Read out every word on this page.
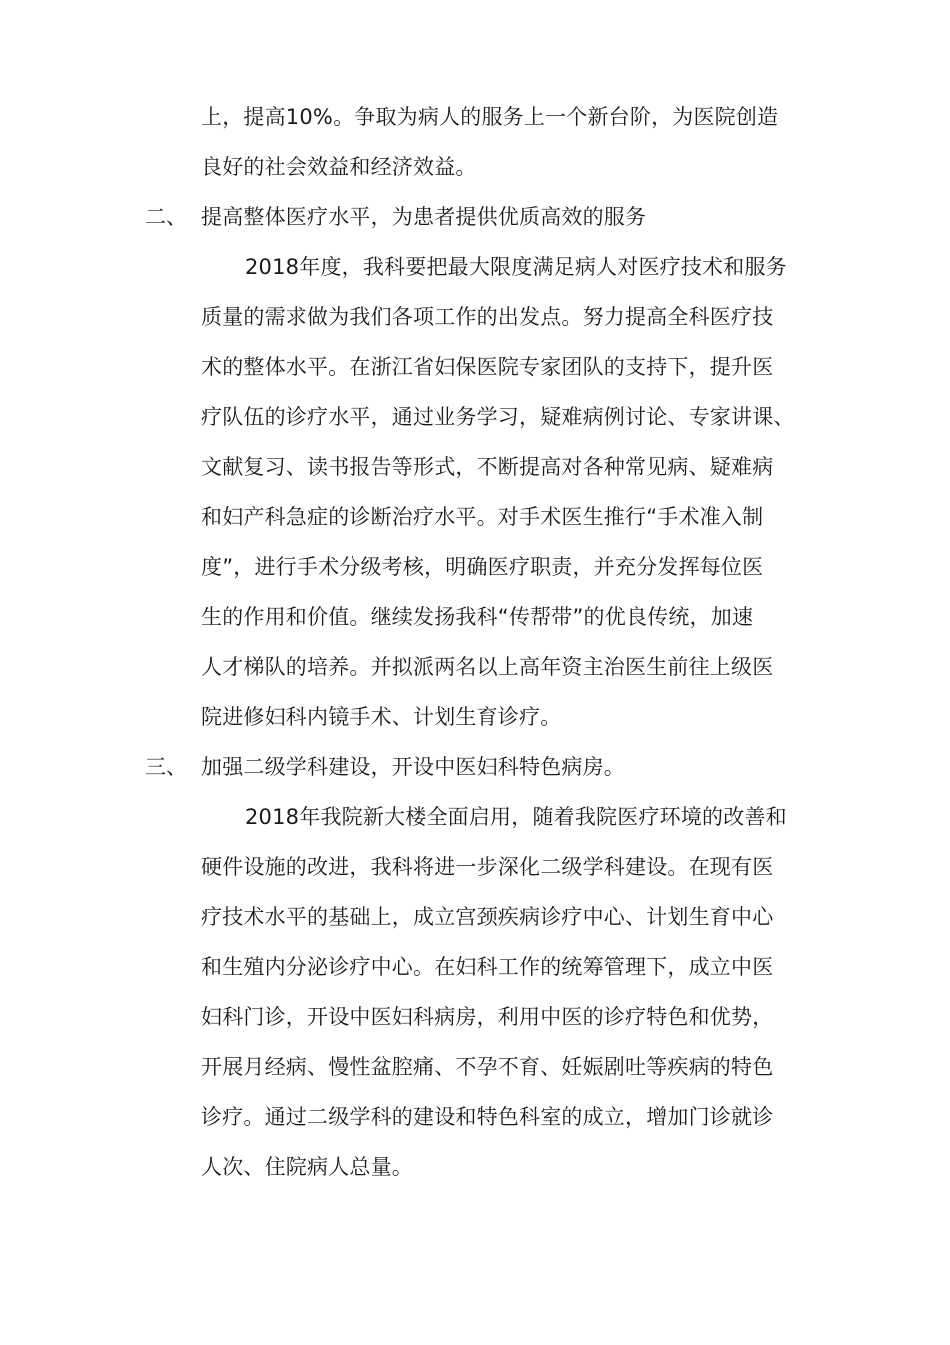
上，提高10%。争取为病人的服务上一个新台阶，为医院创造
良好的社会效益和经济效益。
二、 提高整体医疗水平，为患者提供优质高效的服务
2018年度，我科要把最大限度满足病人对医疗技术和服务
质量的需求做为我们各项工作的出发点。努力提高全科医疗技
术的整体水平。在浙江省妇保医院专家团队的支持下，提升医
疗队伍的诊疗水平，通过业务学习，疑难病例讨论、专家讲课、
文献复习、读书报告等形式，不断提高对各种常见病、疑难病
和妇产科急症的诊断治疗水平。对手术医生推行“手术准入制
度”，进行手术分级考核，明确医疗职责，并充分发挥每位医
生的作用和价值。继续发扬我科“传帮带”的优良传统，加速
人才梯队的培养。并拟派两名以上高年资主治医生前往上级医
院进修妇科内镜手术、计划生育诊疗。
三、 加强二级学科建设，开设中医妇科特色病房。
2018年我院新大楼全面启用，随着我院医疗环境的改善和
硬件设施的改进，我科将进一步深化二级学科建设。在现有医
疗技术水平的基础上，成立宫颈疾病诊疗中心、计划生育中心
和生殖内分泌诊疗中心。在妇科工作的统筹管理下，成立中医
妇科门诊，开设中医妇科病房，利用中医的诊疗特色和优势，
开展月经病、慢性盆腔痛、不孕不育、妊娠剧吐等疾病的特色
诊疗。通过二级学科的建设和特色科室的成立，增加门诊就诊
人次、住院病人总量。
